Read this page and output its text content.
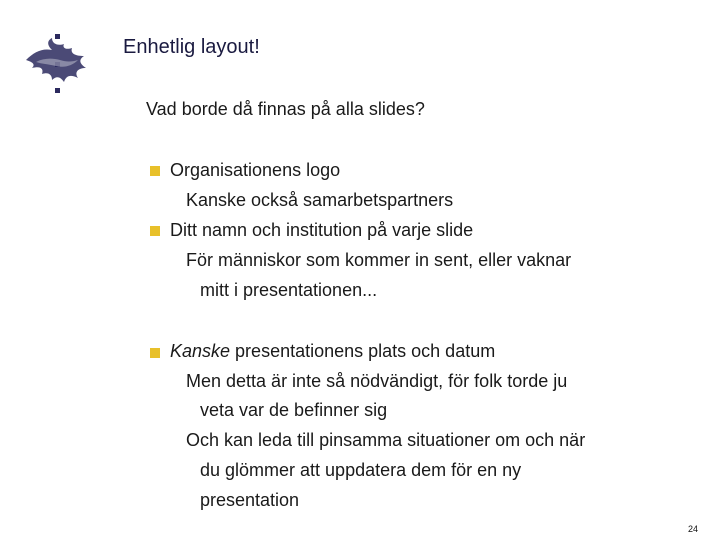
Enhetlig layout!
Vad borde då finnas på alla slides?
Organisationens logo
Kanske också samarbetspartners
Ditt namn och institution på varje slide
För människor som kommer in sent, eller vaknar
mitt i presentationen...
Kanske presentationens plats och datum
Men detta är inte så nödvändigt, för folk torde ju
veta var de befinner sig
Och kan leda till pinsamma situationer om och när
du glömmer att uppdatera dem för en ny
presentation
24
